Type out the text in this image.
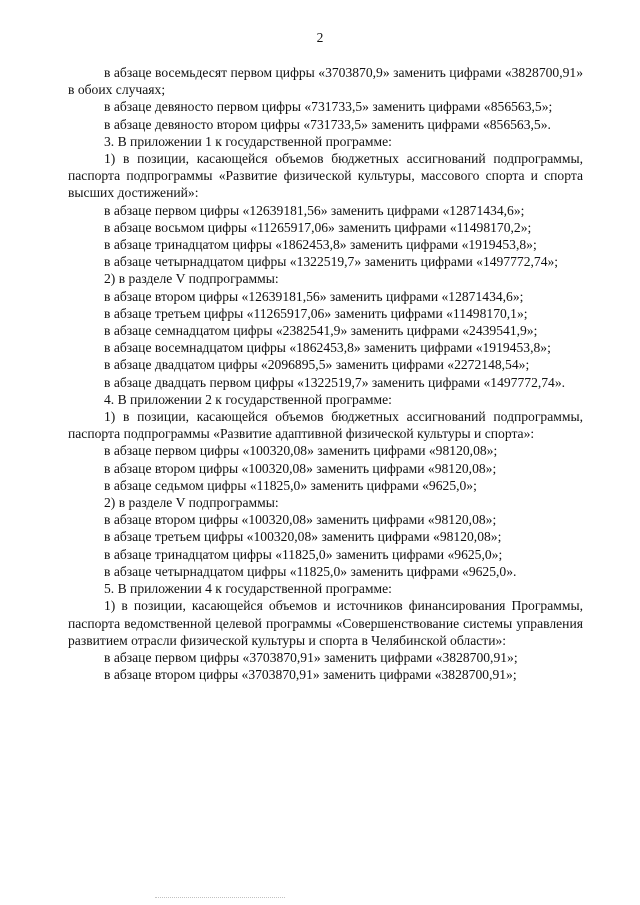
2

в абзаце восемьдесят первом цифры «3703870,9» заменить цифрами «3828700,91» в обоих случаях;

в абзаце девяносто первом цифры «731733,5» заменить цифрами «856563,5»;

в абзаце девяносто втором цифры «731733,5» заменить цифрами «856563,5».

3. В приложении 1 к государственной программе:

1) в позиции, касающейся объемов бюджетных ассигнований подпрограммы, паспорта подпрограммы «Развитие физической культуры, массового спорта и спорта высших достижений»:

в абзаце первом цифры «12639181,56» заменить цифрами «12871434,6»;

в абзаце восьмом цифры «11265917,06» заменить цифрами «11498170,2»;

в абзаце тринадцатом цифры «1862453,8» заменить цифрами «1919453,8»;

в абзаце четырнадцатом цифры «1322519,7» заменить цифрами «1497772,74»;

2) в разделе V подпрограммы:

в абзаце втором цифры «12639181,56» заменить цифрами «12871434,6»;

в абзаце третьем цифры «11265917,06» заменить цифрами «11498170,1»;

в абзаце семнадцатом цифры «2382541,9» заменить цифрами «2439541,9»;

в абзаце восемнадцатом цифры «1862453,8» заменить цифрами «1919453,8»;

в абзаце двадцатом цифры «2096895,5» заменить цифрами «2272148,54»;

в абзаце двадцать первом цифры «1322519,7» заменить цифрами «1497772,74».

4. В приложении 2 к государственной программе:

1) в позиции, касающейся объемов бюджетных ассигнований подпрограммы, паспорта подпрограммы «Развитие адаптивной физической культуры и спорта»:

в абзаце первом цифры «100320,08» заменить цифрами «98120,08»;

в абзаце втором цифры «100320,08» заменить цифрами «98120,08»;

в абзаце седьмом цифры «11825,0» заменить цифрами «9625,0»;

2) в разделе V подпрограммы:

в абзаце втором цифры «100320,08» заменить цифрами «98120,08»;

в абзаце третьем цифры «100320,08» заменить цифрами «98120,08»;

в абзаце тринадцатом цифры «11825,0» заменить цифрами «9625,0»;

в абзаце четырнадцатом цифры «11825,0» заменить цифрами «9625,0».

5. В приложении 4 к государственной программе:

1) в позиции, касающейся объемов и источников финансирования Программы, паспорта ведомственной целевой программы «Совершенствование системы управления развитием отрасли физической культуры и спорта в Челябинской области»:

в абзаце первом цифры «3703870,91» заменить цифрами «3828700,91»;

в абзаце втором цифры «3703870,91» заменить цифрами «3828700,91»;
